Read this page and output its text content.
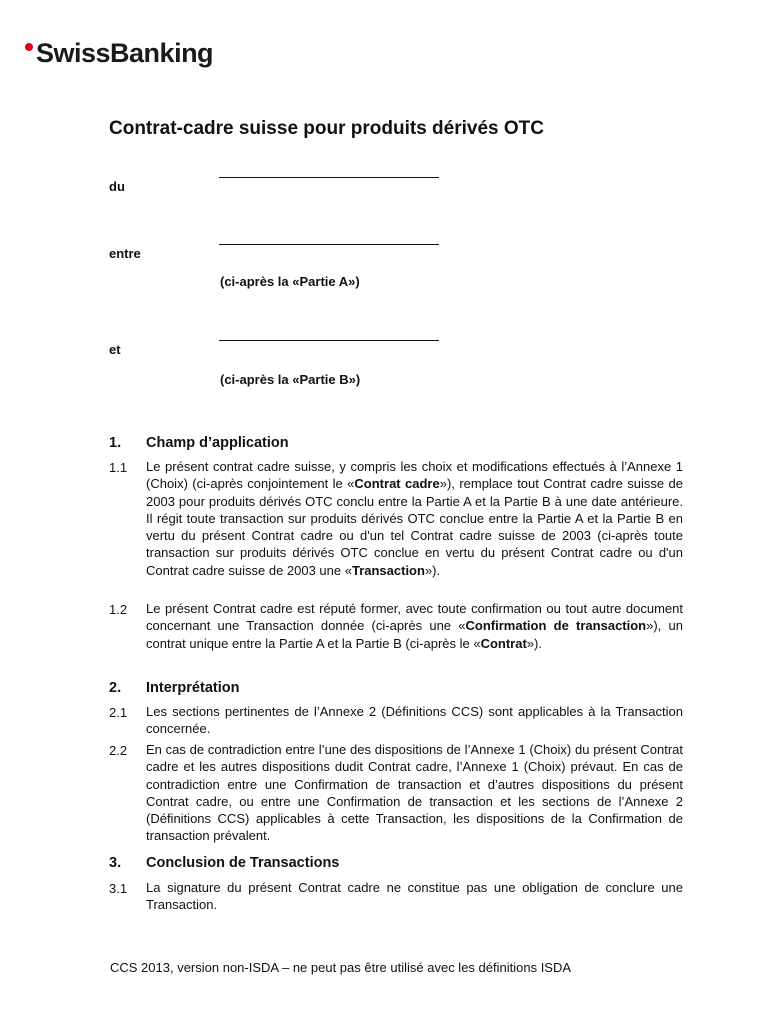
SwissBanking
Contrat-cadre suisse pour produits dérivés OTC
du
entre
(ci-après la «Partie A»)
et
(ci-après la «Partie B»)
1. Champ d’application
1.1 Le présent contrat cadre suisse, y compris les choix et modifications effectués à l’Annexe 1 (Choix) (ci-après conjointement le «Contrat cadre»), remplace tout Contrat cadre suisse de 2003 pour produits dérivés OTC conclu entre la Partie A et la Partie B à une date antérieure. Il régit toute transaction sur produits dérivés OTC conclue entre la Partie A et la Partie B en vertu du présent Contrat cadre ou d'un tel Contrat cadre suisse de 2003 (ci-après toute transaction sur produits dérivés OTC conclue en vertu du présent Contrat cadre ou d'un Contrat cadre suisse de 2003 une «Transaction»).
1.2 Le présent Contrat cadre est réputé former, avec toute confirmation ou tout autre document concernant une Transaction donnée (ci-après une «Confirmation de transaction»), un contrat unique entre la Partie A et la Partie B (ci-après le «Contrat»).
2. Interprétation
2.1 Les sections pertinentes de l’Annexe 2 (Définitions CCS) sont applicables à la Transaction concernée.
2.2 En cas de contradiction entre l’une des dispositions de l’Annexe 1 (Choix) du présent Contrat cadre et les autres dispositions dudit Contrat cadre, l’Annexe 1 (Choix) prévaut. En cas de contradiction entre une Confirmation de transaction et d’autres dispositions du présent Contrat cadre, ou entre une Confirmation de transaction et les sections de l’Annexe 2 (Définitions CCS) applicables à cette Transaction, les dispositions de la Confirmation de transaction prévalent.
3. Conclusion de Transactions
3.1 La signature du présent Contrat cadre ne constitue pas une obligation de conclure une Transaction.
CCS 2013, version non-ISDA – ne peut pas être utilisé avec les définitions ISDA
